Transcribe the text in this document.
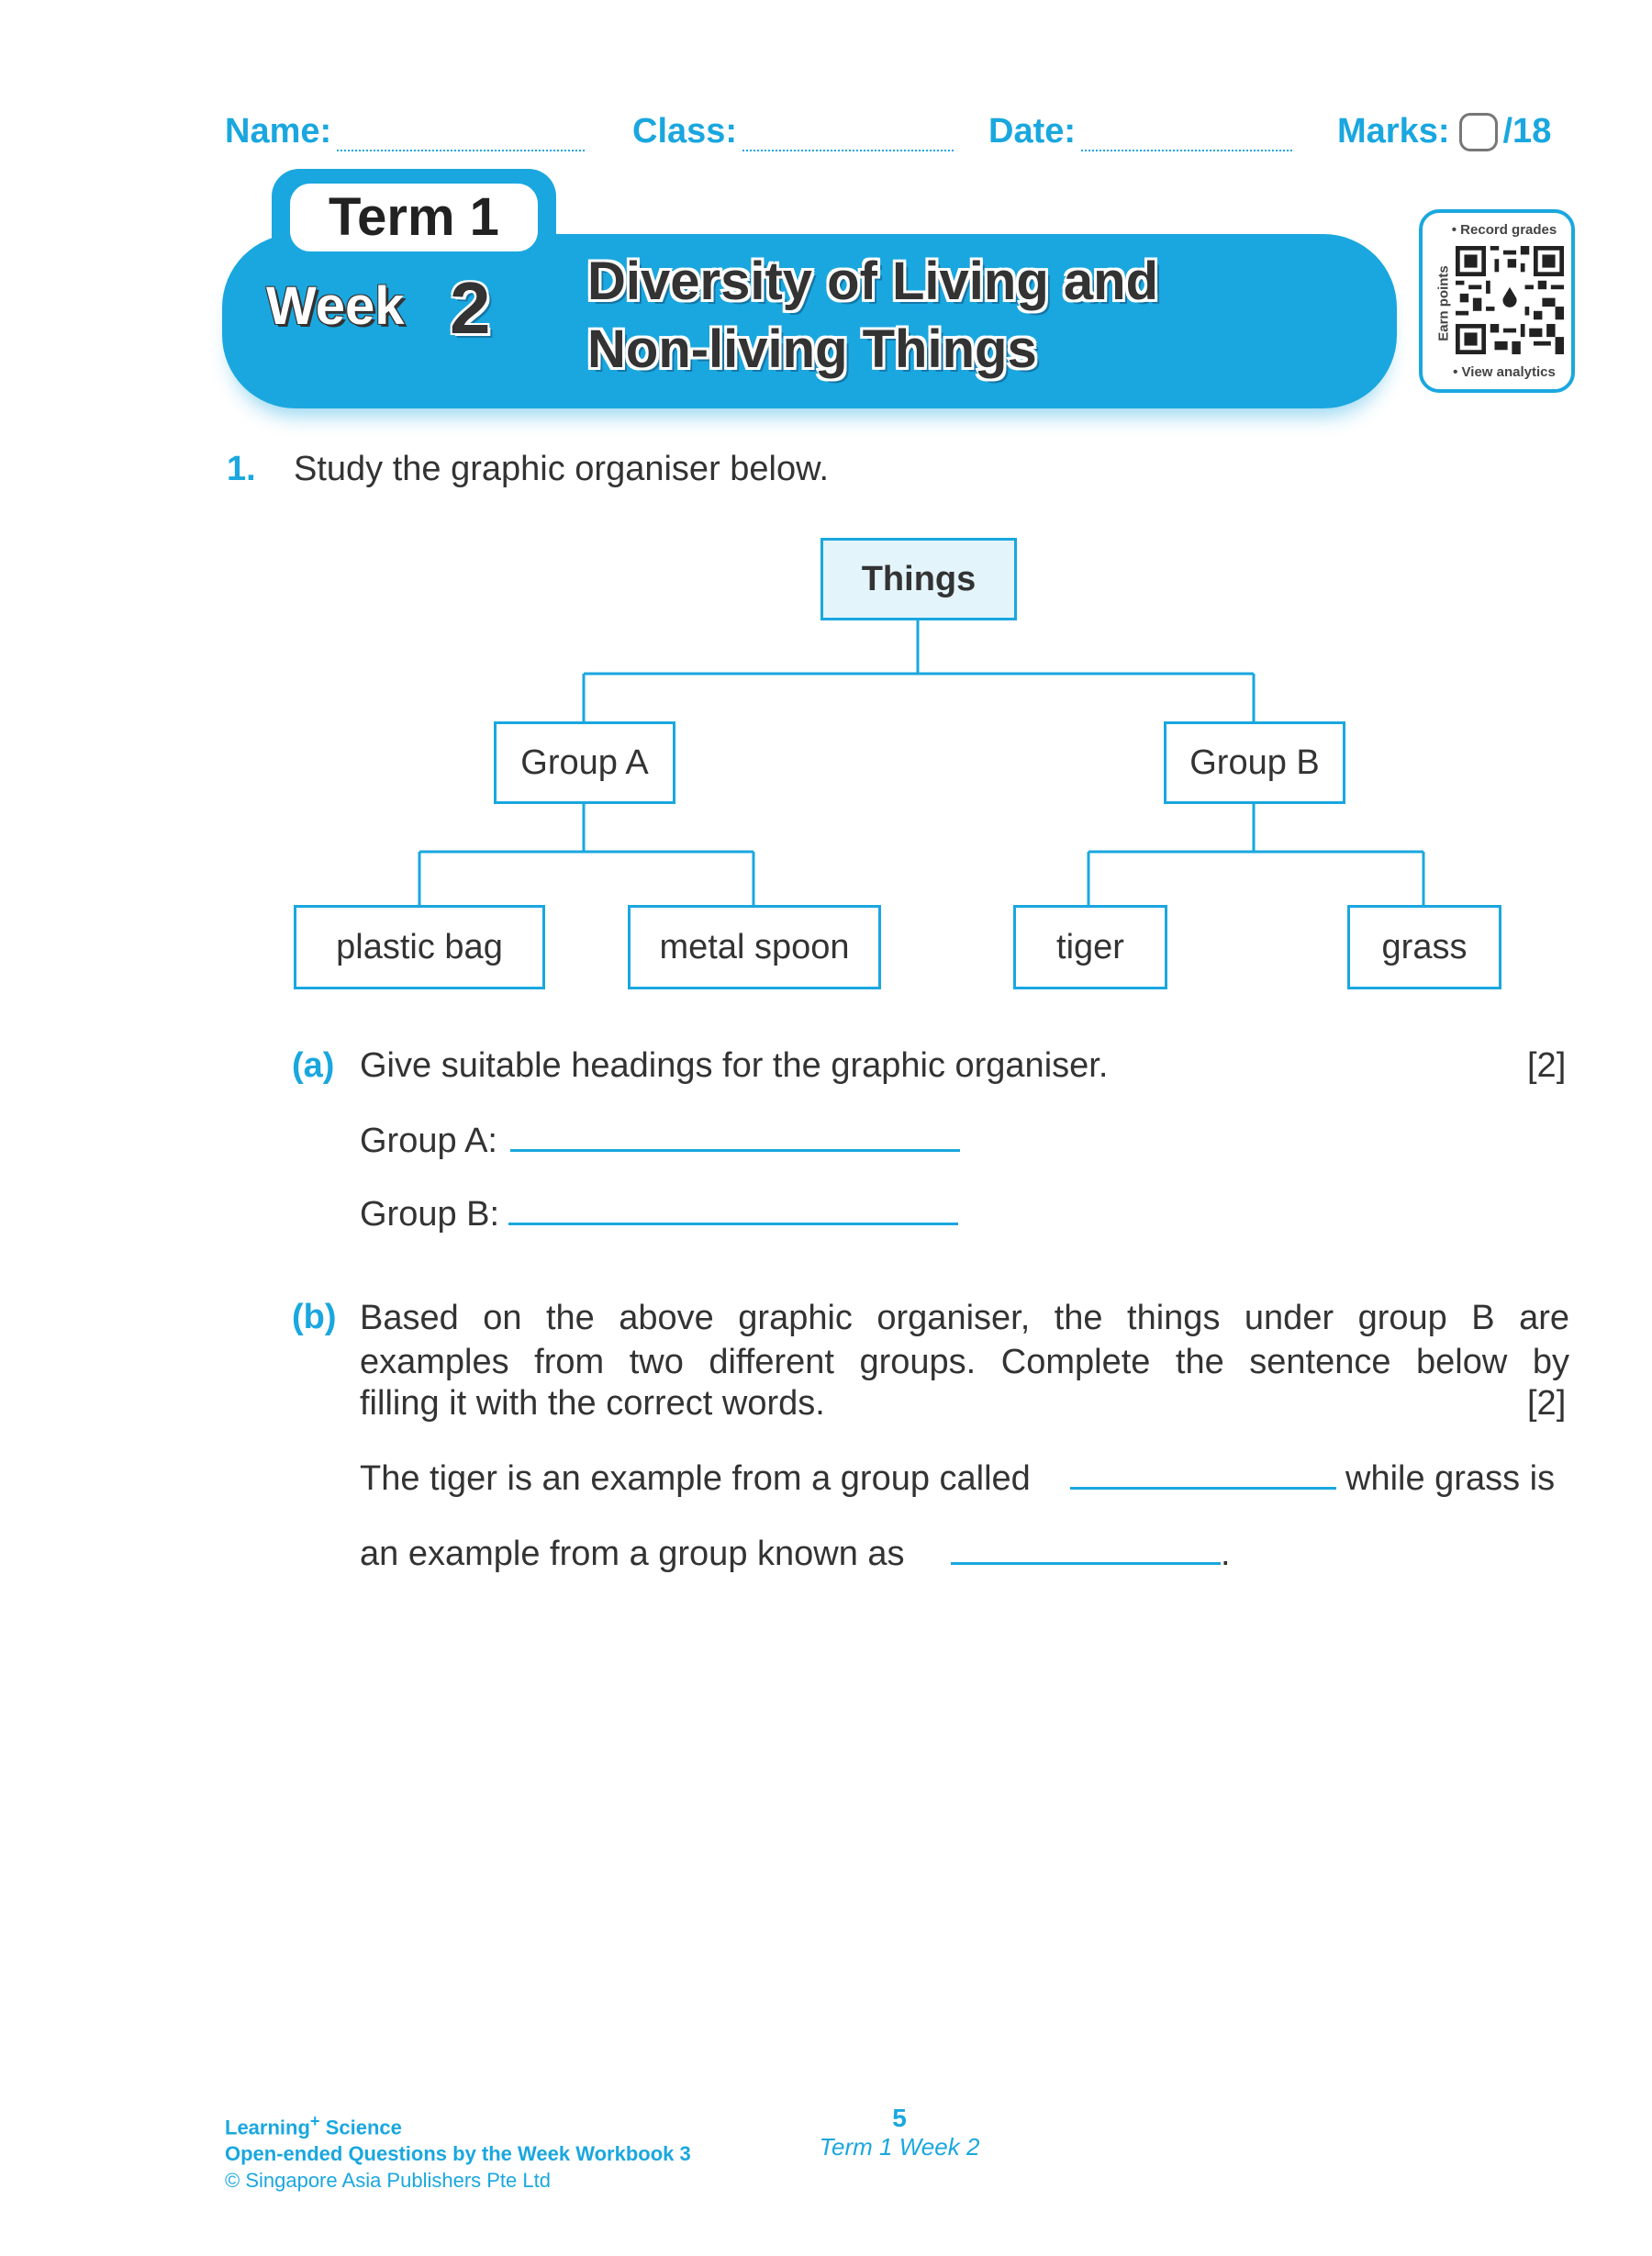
Name:	Class:	Date:	Marks: /18
Term 1
Week 2 Diversity of Living and
Non-living Things
• Record grades
Earn points
• View analytics
1. Study the graphic organiser below.
Things
Group A	Group B
plastic bag	metal spoon	tiger	grass
(a) Give suitable headings for the graphic organiser.	[2]
Group A:
Group B:
(b) Based on the above graphic organiser, the things under group B are
examples from two different groups. Complete the sentence below by
filling it with the correct words.	[2]
The tiger is an example from a group called	while grass is
an example from a group known as	.
Learning+ Science
Open-ended Questions by the Week Workbook 3
© Singapore Asia Publishers Pte Ltd
5
Term 1 Week 2
